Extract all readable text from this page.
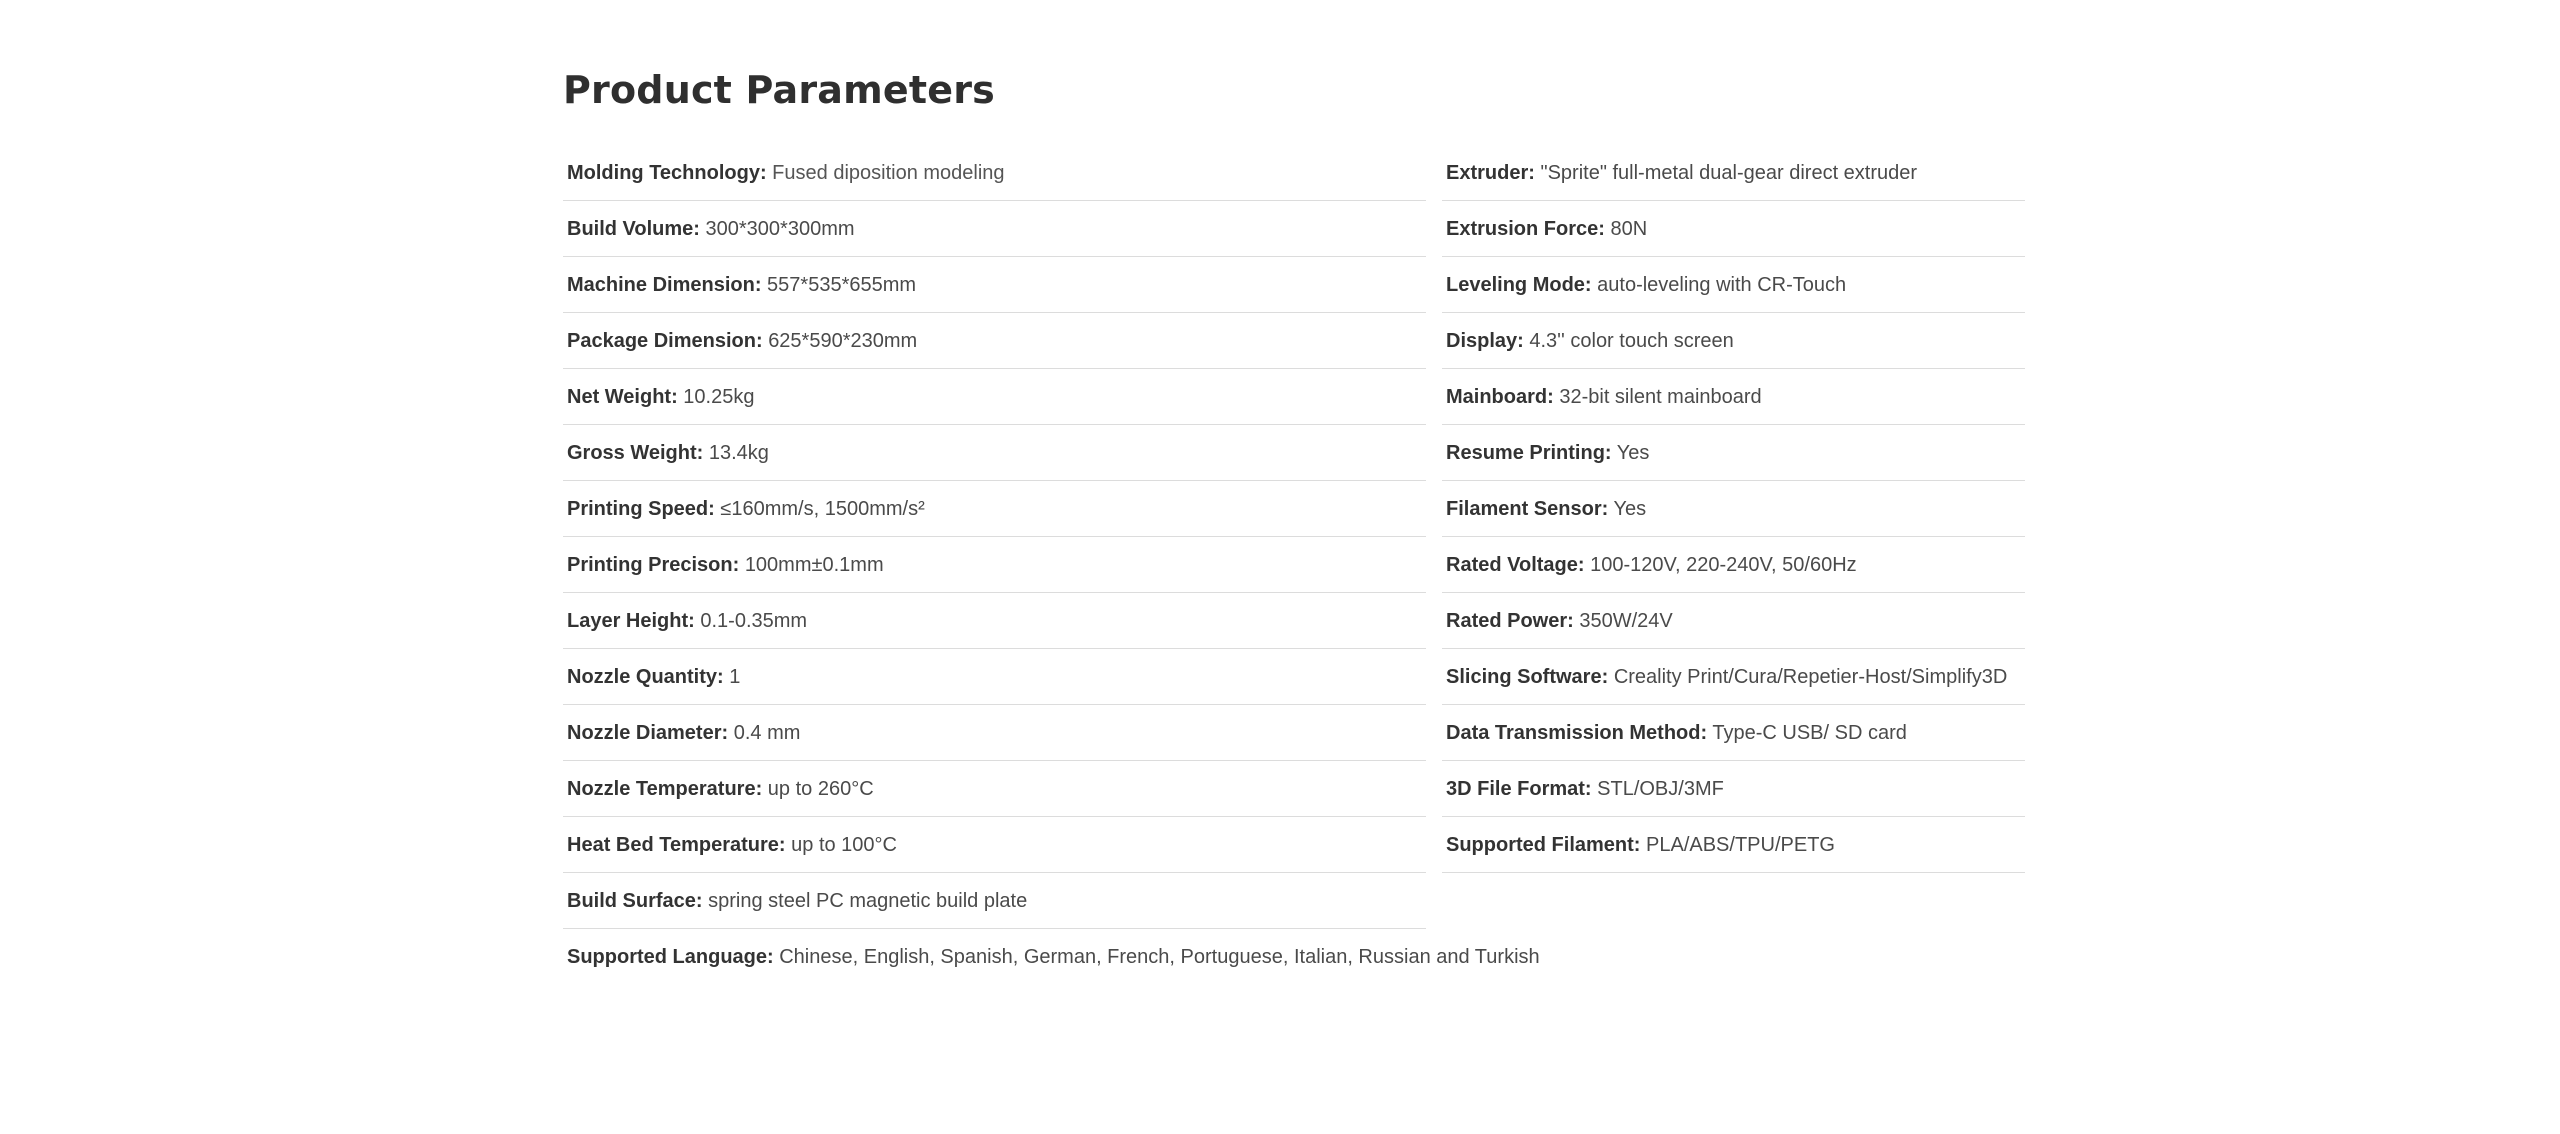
Product Parameters
Molding Technology: Fused diposition modeling
Build Volume: 300*300*300mm
Machine Dimension: 557*535*655mm
Package Dimension: 625*590*230mm
Net Weight: 10.25kg
Gross Weight: 13.4kg
Printing Speed: ≤160mm/s, 1500mm/s²
Printing Precison: 100mm±0.1mm
Layer Height: 0.1-0.35mm
Nozzle Quantity: 1
Nozzle Diameter: 0.4 mm
Nozzle Temperature: up to 260°C
Heat Bed Temperature: up to 100°C
Build Surface: spring steel PC magnetic build plate
Supported Language: Chinese, English, Spanish, German, French, Portuguese, Italian, Russian and Turkish
Extruder: "Sprite" full-metal dual-gear direct extruder
Extrusion Force: 80N
Leveling Mode: auto-leveling with CR-Touch
Display: 4.3'' color touch screen
Mainboard: 32-bit silent mainboard
Resume Printing: Yes
Filament Sensor: Yes
Rated Voltage: 100-120V, 220-240V, 50/60Hz
Rated Power: 350W/24V
Slicing Software: Creality Print/Cura/Repetier-Host/Simplify3D
Data Transmission Method: Type-C USB/ SD card
3D File Format: STL/OBJ/3MF
Supported Filament: PLA/ABS/TPU/PETG
